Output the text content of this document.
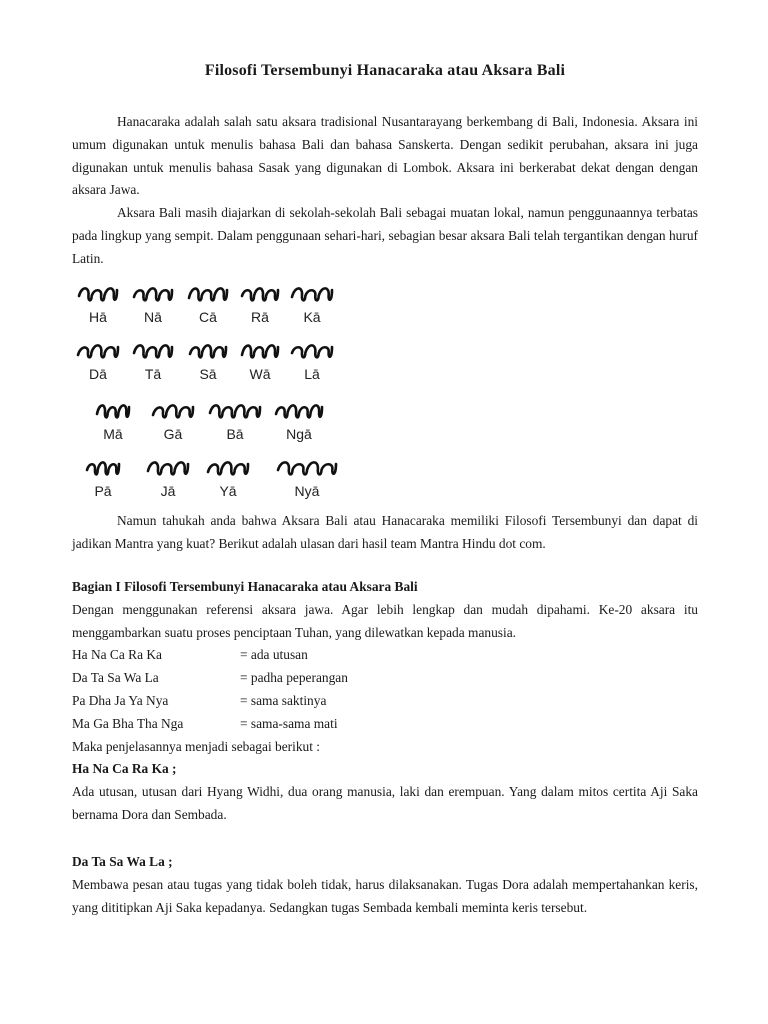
Filosofi Tersembunyi Hanacaraka atau Aksara Bali

Hanacaraka adalah salah satu aksara tradisional Nusantarayang berkembang di Bali, Indonesia. Aksara ini umum digunakan untuk menulis bahasa Bali dan bahasa Sanskerta. Dengan sedikit perubahan, aksara ini juga digunakan untuk menulis bahasa Sasak yang digunakan di Lombok. Aksara ini berkerabat dekat dengan dengan aksara Jawa.

Aksara Bali masih diajarkan di sekolah-sekolah Bali sebagai muatan lokal, namun penggunaannya terbatas pada lingkup yang sempit. Dalam penggunaan sehari-hari, sebagian besar aksara Bali telah tergantikan dengan huruf Latin.

Hā	Nā	Cā	Rā	Kā
Dā	Tā	Sā	Wā	Lā
Mā	Gā	Bā	Ngā
Pā	Jā	Yā	Nyā

Namun tahukah anda bahwa Aksara Bali atau Hanacaraka memiliki Filosofi Tersembunyi dan dapat di jadikan Mantra yang kuat? Berikut adalah ulasan dari hasil team Mantra Hindu dot com.

Bagian I Filosofi Tersembunyi Hanacaraka atau Aksara Bali

Dengan menggunakan referensi aksara jawa. Agar lebih lengkap dan mudah dipahami. Ke-20 aksara itu menggambarkan suatu proses penciptaan Tuhan, yang dilewatkan kepada manusia.

Ha Na Ca Ra Ka	= ada utusan
Da Ta Sa Wa La	= padha peperangan
Pa Dha Ja Ya Nya	= sama saktinya
Ma Ga Bha Tha Nga	= sama-sama mati

Maka penjelasannya menjadi sebagai berikut :

Ha Na Ca Ra Ka ;

Ada utusan, utusan dari Hyang Widhi, dua orang manusia, laki dan erempuan. Yang dalam mitos certita Aji Saka bernama Dora dan Sembada.

Da Ta Sa Wa La ;

Membawa pesan atau tugas yang tidak boleh tidak, harus dilaksanakan. Tugas Dora adalah mempertahankan keris, yang dititipkan Aji Saka kepadanya. Sedangkan tugas Sembada kembali meminta keris tersebut.
